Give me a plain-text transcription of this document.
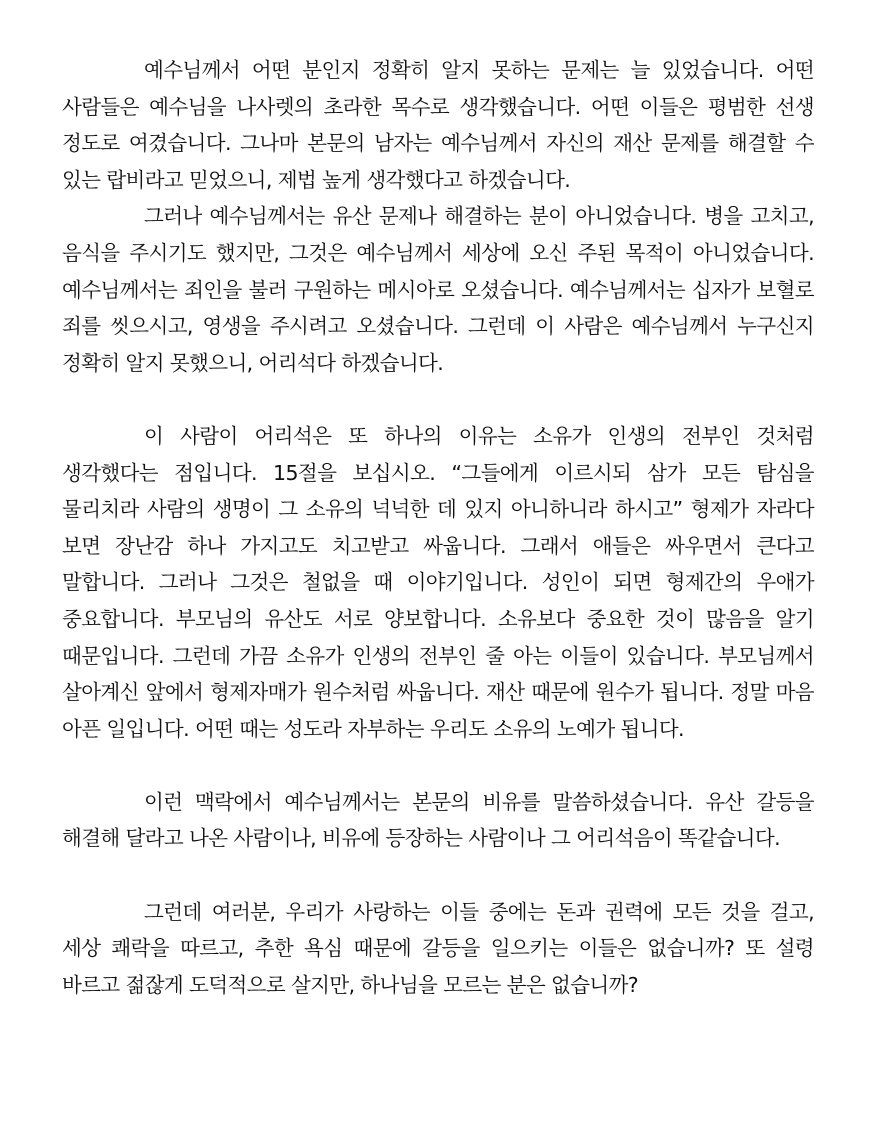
예수님께서 어떤 분인지 정확히 알지 못하는 문제는 늘 있었습니다. 어떤 사람들은 예수님을 나사렛의 초라한 목수로 생각했습니다. 어떤 이들은 평범한 선생 정도로 여겼습니다. 그나마 본문의 남자는 예수님께서 자신의 재산 문제를 해결할 수 있는 랍비라고 믿었으니, 제법 높게 생각했다고 하겠습니다.

그러나 예수님께서는 유산 문제나 해결하는 분이 아니었습니다. 병을 고치고, 음식을 주시기도 했지만, 그것은 예수님께서 세상에 오신 주된 목적이 아니었습니다. 예수님께서는 죄인을 불러 구원하는 메시아로 오셨습니다. 예수님께서는 십자가 보혈로 죄를 씻으시고, 영생을 주시려고 오셨습니다. 그런데 이 사람은 예수님께서 누구신지 정확히 알지 못했으니, 어리석다 하겠습니다.

이 사람이 어리석은 또 하나의 이유는 소유가 인생의 전부인 것처럼 생각했다는 점입니다. 15절을 보십시오. “그들에게 이르시되 삼가 모든 탐심을 물리치라 사람의 생명이 그 소유의 넉넉한 데 있지 아니하니라 하시고” 형제가 자라다 보면 장난감 하나 가지고도 치고받고 싸웁니다. 그래서 애들은 싸우면서 큰다고 말합니다. 그러나 그것은 철없을 때 이야기입니다. 성인이 되면 형제간의 우애가 중요합니다. 부모님의 유산도 서로 양보합니다. 소유보다 중요한 것이 많음을 알기 때문입니다. 그런데 가끔 소유가 인생의 전부인 줄 아는 이들이 있습니다. 부모님께서 살아계신 앞에서 형제자매가 원수처럼 싸웁니다. 재산 때문에 원수가 됩니다. 정말 마음 아픈 일입니다. 어떤 때는 성도라 자부하는 우리도 소유의 노예가 됩니다.

이런 맥락에서 예수님께서는 본문의 비유를 말씀하셨습니다. 유산 갈등을 해결해 달라고 나온 사람이나, 비유에 등장하는 사람이나 그 어리석음이 똑같습니다.

그런데 여러분, 우리가 사랑하는 이들 중에는 돈과 권력에 모든 것을 걸고, 세상 쾌락을 따르고, 추한 욕심 때문에 갈등을 일으키는 이들은 없습니까? 또 설령 바르고 젊잖게 도덕적으로 살지만, 하나님을 모르는 분은 없습니까?
